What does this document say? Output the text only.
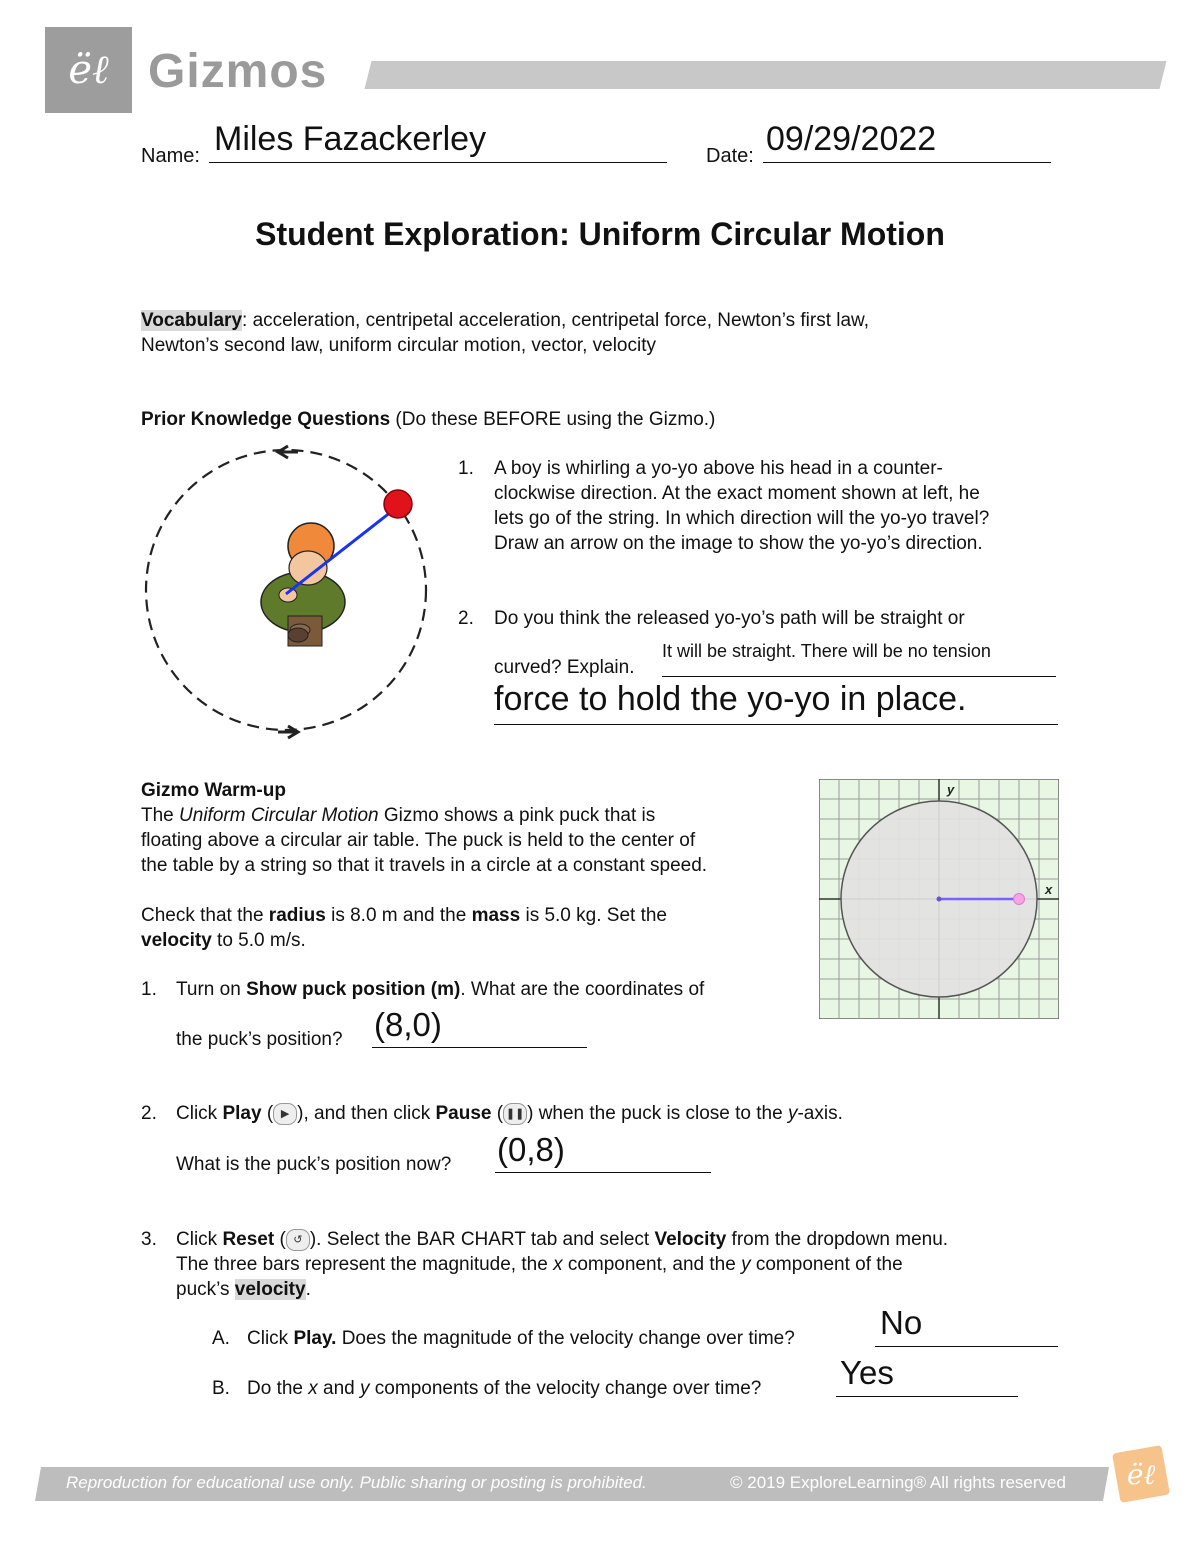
ëℓ Gizmos
Name: Miles Fazackerley	Date: 09/29/2022
Student Exploration: Uniform Circular Motion
Vocabulary: acceleration, centripetal acceleration, centripetal force, Newton’s first law,
Newton’s second law, uniform circular motion, vector, velocity
Prior Knowledge Questions (Do these BEFORE using the Gizmo.)
1. A boy is whirling a yo-yo above his head in a counter-
clockwise direction. At the exact moment shown at left, he
lets go of the string. In which direction will the yo-yo travel?
Draw an arrow on the image to show the yo-yo’s direction.
2. Do you think the released yo-yo’s path will be straight or
curved? Explain.
It will be straight. There will be no tension
force to hold the yo-yo in place.
Gizmo Warm-up
The Uniform Circular Motion Gizmo shows a pink puck that is
floating above a circular air table. The puck is held to the center of
the table by a string so that it travels in a circle at a constant speed.
Check that the radius is 8.0 m and the mass is 5.0 kg. Set the
velocity to 5.0 m/s.
y
x
1. Turn on Show puck position (m). What are the coordinates of
the puck’s position? (8,0)
2. Click Play ( ▶ ), and then click Pause ( ❚❚ ) when the puck is close to the y-axis.
What is the puck’s position now? (0,8)
3. Click Reset ( ↺ ). Select the BAR CHART tab and select Velocity from the dropdown menu.
The three bars represent the magnitude, the x component, and the y component of the
puck’s velocity.
A. Click Play. Does the magnitude of the velocity change over time?	No
B. Do the x and y components of the velocity change over time? Yes
Reproduction for educational use only. Public sharing or posting is prohibited.	© 2019 ExploreLearning® All rights reserved ëℓ
